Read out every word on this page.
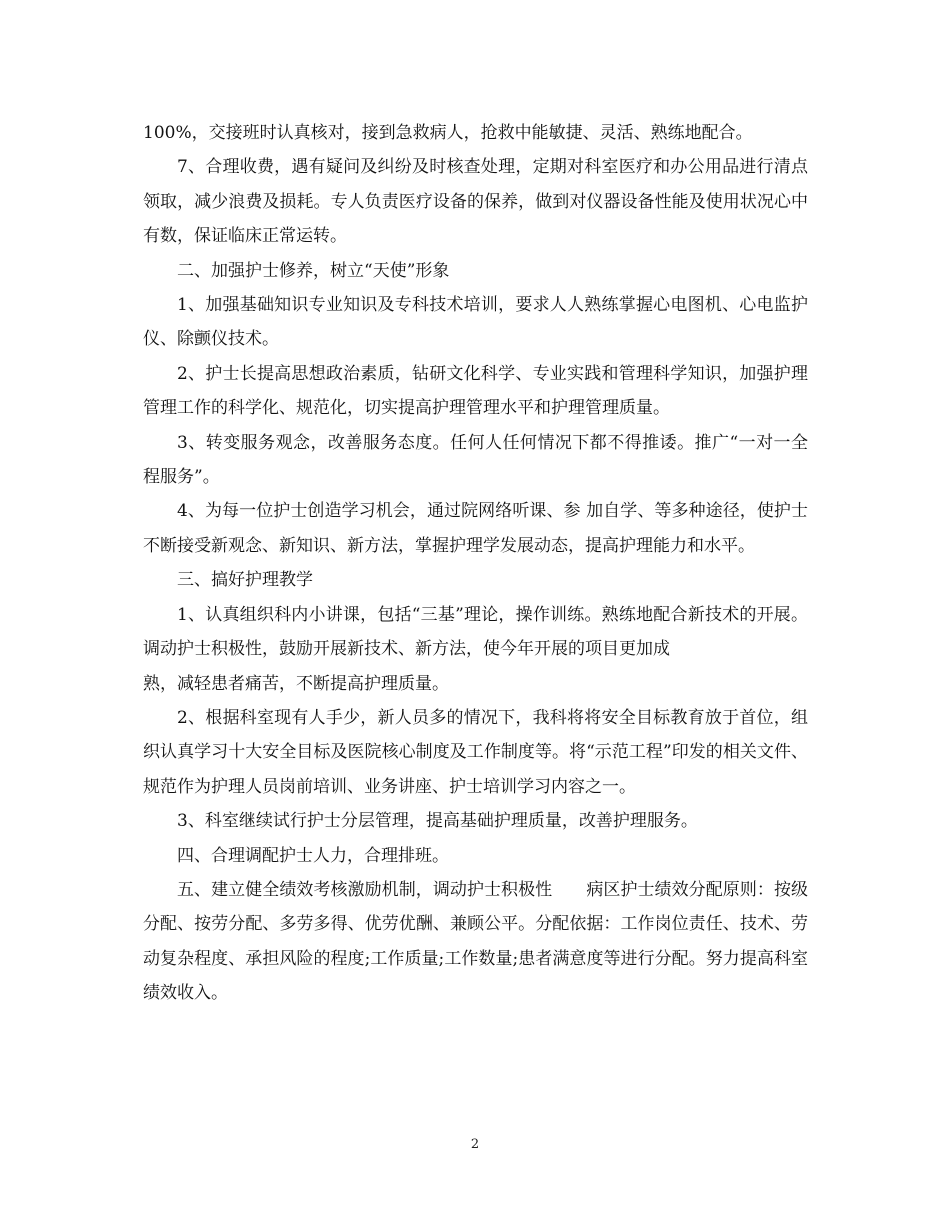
100%，交接班时认真核对，接到急救病人，抢救中能敏捷、灵活、熟练地配合。

7、合理收费，遇有疑问及纠纷及时核查处理，定期对科室医疗和办公用品进行清点领取，减少浪费及损耗。专人负责医疗设备的保养，做到对仪器设备性能及使用状况心中有数，保证临床正常运转。

二、加强护士修养，树立“天使”形象

1、加强基础知识专业知识及专科技术培训，要求人人熟练掌握心电图机、心电监护仪、除颤仪技术。

2、护士长提高思想政治素质，钻研文化科学、专业实践和管理科学知识，加强护理管理工作的科学化、规范化，切实提高护理管理水平和护理管理质量。

3、转变服务观念，改善服务态度。任何人任何情况下都不得推诿。推广“一对一全程服务”。

4、为每一位护士创造学习机会，通过院网络听课、参 加自学、等多种途径，使护士不断接受新观念、新知识、新方法，掌握护理学发展动态，提高护理能力和水平。

三、搞好护理教学

1、认真组织科内小讲课，包括“三基”理论，操作训练。熟练地配合新技术的开展。调动护士积极性，鼓励开展新技术、新方法，使今年开展的项目更加成
熟，减轻患者痛苦，不断提高护理质量。

2、根据科室现有人手少，新人员多的情况下，我科将将安全目标教育放于首位，组织认真学习十大安全目标及医院核心制度及工作制度等。将“示范工程”印发的相关文件、规范作为护理人员岗前培训、业务讲座、护士培训学习内容之一。

3、科室继续试行护士分层管理，提高基础护理质量，改善护理服务。

四、合理调配护士人力，合理排班。

五、建立健全绩效考核激励机制，调动护士积极性　　病区护士绩效分配原则：按级分配、按劳分配、多劳多得、优劳优酬、兼顾公平。分配依据：工作岗位责任、技术、劳动复杂程度、承担风险的程度;工作质量;工作数量;患者满意度等进行分配。努力提高科室绩效收入。

2
